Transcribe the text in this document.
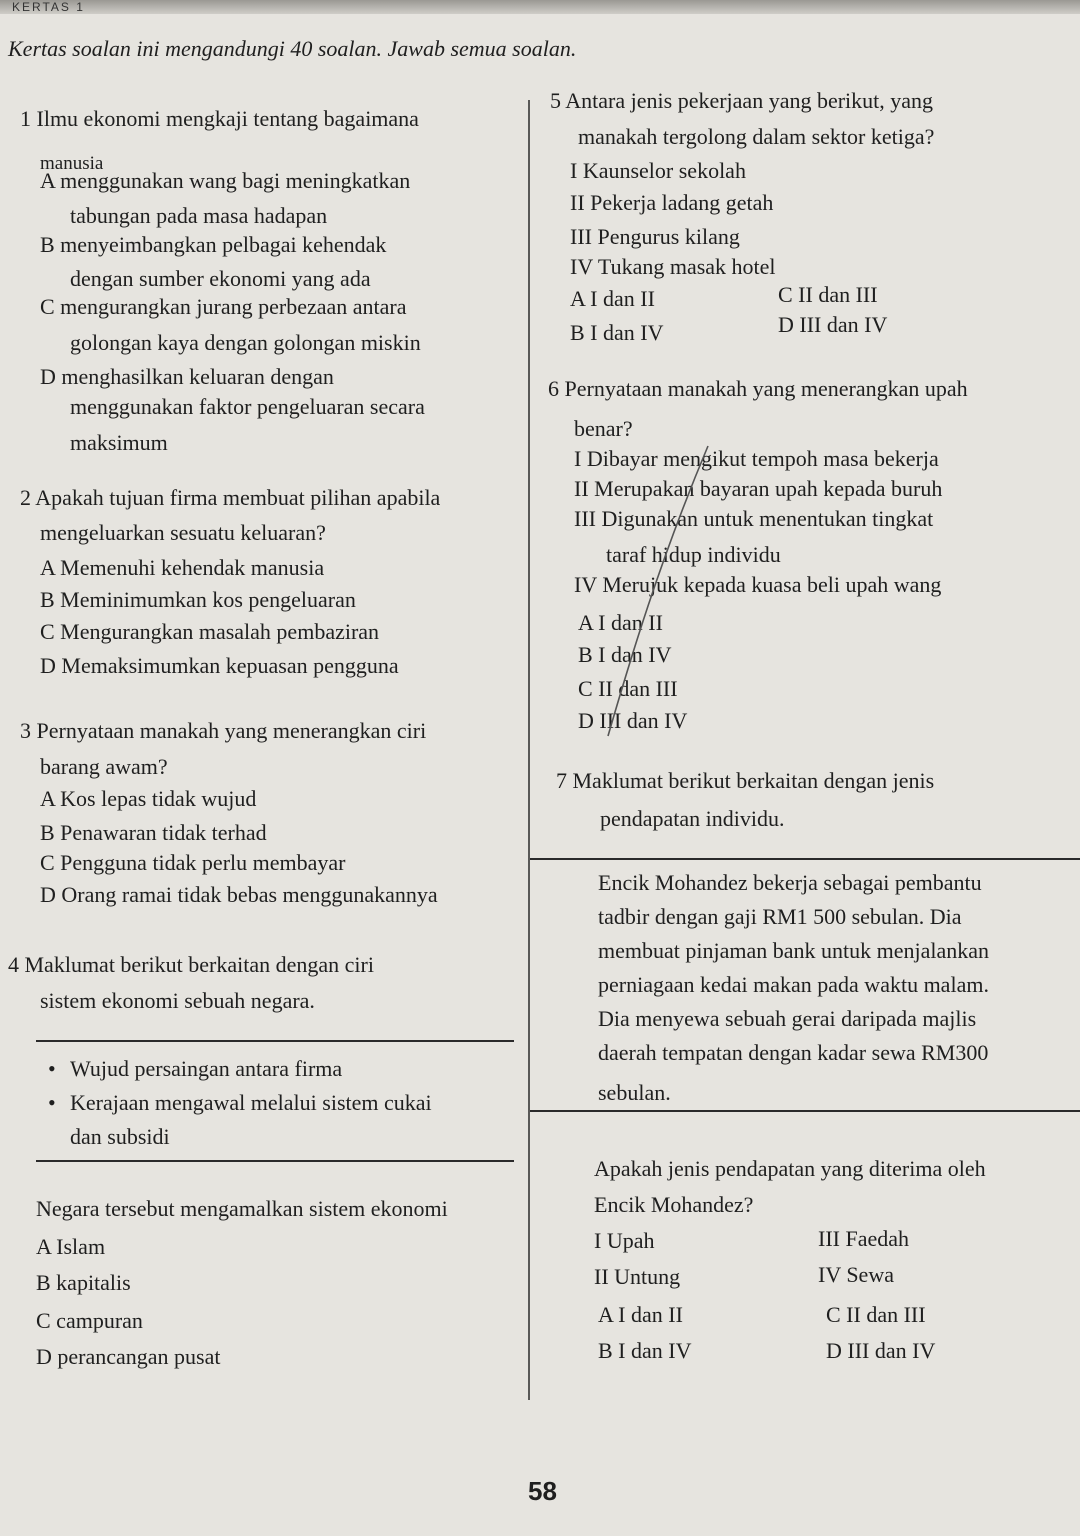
KERTAS 1
Kertas soalan ini mengandungi 40 soalan. Jawab semua soalan.
1 Ilmu ekonomi mengkaji tentang bagaimana
manusia
A menggunakan wang bagi meningkatkan
tabungan pada masa hadapan
B menyeimbangkan pelbagai kehendak
dengan sumber ekonomi yang ada
C mengurangkan jurang perbezaan antara
golongan kaya dengan golongan miskin
D menghasilkan keluaran dengan
menggunakan faktor pengeluaran secara
maksimum
2 Apakah tujuan firma membuat pilihan apabila
mengeluarkan sesuatu keluaran?
A Memenuhi kehendak manusia
B Meminimumkan kos pengeluaran
C Mengurangkan masalah pembaziran
D Memaksimumkan kepuasan pengguna
3 Pernyataan manakah yang menerangkan ciri
barang awam?
A Kos lepas tidak wujud
B Penawaran tidak terhad
C Pengguna tidak perlu membayar
D Orang ramai tidak bebas menggunakannya
4 Maklumat berikut berkaitan dengan ciri
sistem ekonomi sebuah negara.
• Wujud persaingan antara firma
• Kerajaan mengawal melalui sistem cukai
dan subsidi
Negara tersebut mengamalkan sistem ekonomi
A Islam
B kapitalis
C campuran
D perancangan pusat
5 Antara jenis pekerjaan yang berikut, yang
manakah tergolong dalam sektor ketiga?
I Kaunselor sekolah
II Pekerja ladang getah
III Pengurus kilang
IV Tukang masak hotel
A I dan II	C II dan III
B I dan IV	D III dan IV
6 Pernyataan manakah yang menerangkan upah
benar?
I Dibayar mengikut tempoh masa bekerja
II Merupakan bayaran upah kepada buruh
III Digunakan untuk menentukan tingkat
taraf hidup individu
IV Merujuk kepada kuasa beli upah wang
A I dan II
B I dan IV
C II dan III
D III dan IV
7 Maklumat berikut berkaitan dengan jenis
pendapatan individu.
Encik Mohandez bekerja sebagai pembantu
tadbir dengan gaji RM1 500 sebulan. Dia
membuat pinjaman bank untuk menjalankan
perniagaan kedai makan pada waktu malam.
Dia menyewa sebuah gerai daripada majlis
daerah tempatan dengan kadar sewa RM300
sebulan.
Apakah jenis pendapatan yang diterima oleh
Encik Mohandez?
I Upah	III Faedah
II Untung	IV Sewa
A I dan II	C II dan III
B I dan IV	D III dan IV
58
